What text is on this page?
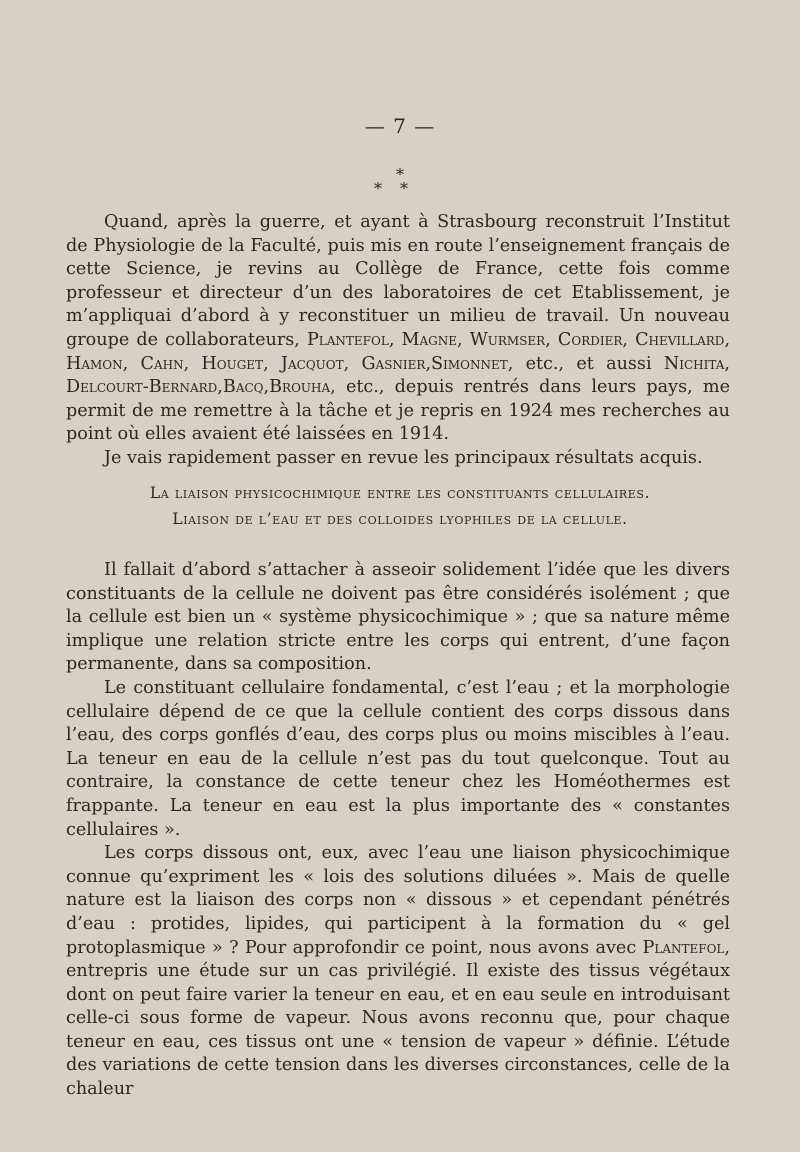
— 7 —
*
**

Quand, après la guerre, et ayant à Strasbourg reconstruit l’Institut de Physiologie de la Faculté, puis mis en route l’enseignement français de cette Science, je revins au Collège de France, cette fois comme professeur et directeur d’un des laboratoires de cet Etablissement, je m’appliquai d’abord à y reconstituer un milieu de travail. Un nouveau groupe de collaborateurs, Plantefol, Magne, Wurmser, Cordier, Chevillard, Hamon, Cahn, Houget, Jacquot, Gasnier,Simonnet, etc., et aussi Nichita, Delcourt-Bernard,Bacq,Brouha, etc., depuis rentrés dans leurs pays, me permit de me remettre à la tâche et je repris en 1924 mes recherches au point où elles avaient été laissées en 1914.

Je vais rapidement passer en revue les principaux résultats acquis.

La liaison physicochimique entre les constituants cellulaires.
Liaison de l’eau et des colloides lyophiles de la cellule.

Il fallait d’abord s’attacher à asseoir solidement l’idée que les divers constituants de la cellule ne doivent pas être considérés isolément ; que la cellule est bien un « système physicochimique » ; que sa nature même implique une relation stricte entre les corps qui entrent, d’une façon permanente, dans sa composition.

Le constituant cellulaire fondamental, c’est l’eau ; et la morphologie cellulaire dépend de ce que la cellule contient des corps dissous dans l’eau, des corps gonflés d’eau, des corps plus ou moins miscibles à l’eau. La teneur en eau de la cellule n’est pas du tout quelconque. Tout au contraire, la constance de cette teneur chez les Homéothermes est frappante. La teneur en eau est la plus importante des « constantes cellulaires ».

Les corps dissous ont, eux, avec l’eau une liaison physicochimique connue qu’expriment les « lois des solutions diluées ». Mais de quelle nature est la liaison des corps non « dissous » et cependant pénétrés d’eau : protides, lipides, qui participent à la formation du « gel protoplasmique » ? Pour approfondir ce point, nous avons avec Plantefol, entrepris une étude sur un cas privilégié. Il existe des tissus végétaux dont on peut faire varier la teneur en eau, et en eau seule en introduisant celle-ci sous forme de vapeur. Nous avons reconnu que, pour chaque teneur en eau, ces tissus ont une « tension de vapeur » définie. L’étude des variations de cette tension dans les diverses circonstances, celle de la chaleur
